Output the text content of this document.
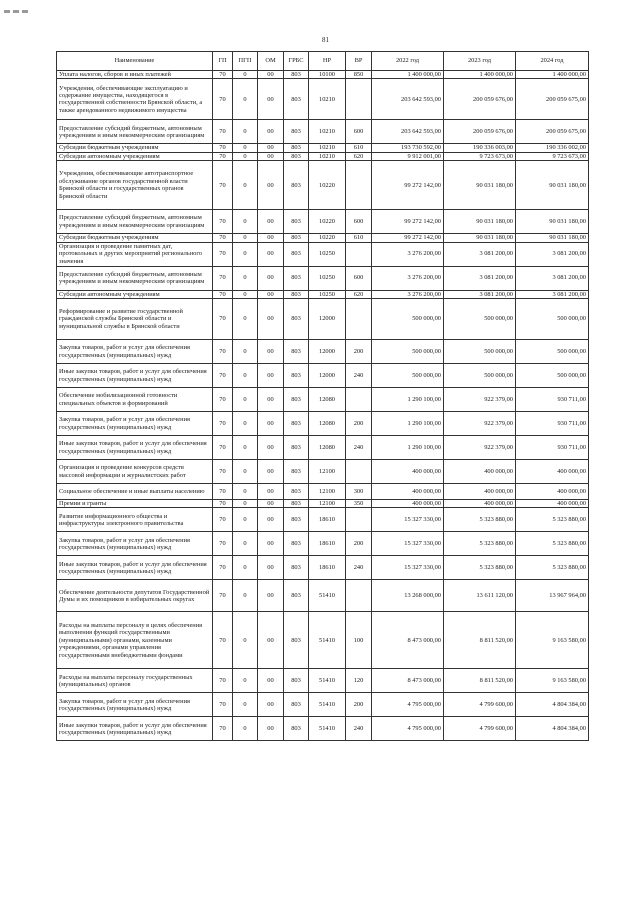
81
Наименование	ГП	ПГП	ОМ	ГРБС	НР	ВР	2022 год	2023 год	2024 год
Уплата налогов, сборов и иных платежей	70	0	00	803	10100	850	1 400 000,00	1 400 000,00	1 400 000,00
Учреждения, обеспечивающие эксплуатацию и содержание имущества, находящегося в государственной собственности Брянской области, а также арендованного недвижимого имущества	70	0	00	803	10210		203 642 593,00	200 059 676,00	200 059 675,00
Предоставление субсидий бюджетным, автономным учреждениям и иным некоммерческим организациям	70	0	00	803	10210	600	203 642 593,00	200 059 676,00	200 059 675,00
Субсидии бюджетным учреждениям	70	0	00	803	10210	610	193 730 592,00	190 336 003,00	190 336 002,00
Субсидии автономным учреждениям	70	0	00	803	10210	620	9 912 001,00	9 723 673,00	9 723 673,00
Учреждения, обеспечивающие автотранспортное обслуживание органов государственной власти Брянской области и государственных органов Брянской области	70	0	00	803	10220		99 272 142,00	90 031 180,00	90 031 180,00
Предоставление субсидий бюджетным, автономным учреждениям и иным некоммерческим организациям	70	0	00	803	10220	600	99 272 142,00	90 031 180,00	90 031 180,00
Субсидии бюджетным учреждениям	70	0	00	803	10220	610	99 272 142,00	90 031 180,00	90 031 180,00
Организация и проведение памятных дат, протокольных и других мероприятий регионального значения	70	0	00	803	10250		3 276 200,00	3 081 200,00	3 081 200,00
Предоставление субсидий бюджетным, автономным учреждениям и иным некоммерческим организациям	70	0	00	803	10250	600	3 276 200,00	3 081 200,00	3 081 200,00
Субсидии автономным учреждениям	70	0	00	803	10250	620	3 276 200,00	3 081 200,00	3 081 200,00
Реформирование и развитие государственной гражданской службы Брянской области и муниципальной службы в Брянской области	70	0	00	803	12000		500 000,00	500 000,00	500 000,00
Закупка товаров, работ и услуг для обеспечения государственных (муниципальных) нужд	70	0	00	803	12000	200	500 000,00	500 000,00	500 000,00
Иные закупки товаров, работ и услуг для обеспечения государственных (муниципальных) нужд	70	0	00	803	12000	240	500 000,00	500 000,00	500 000,00
Обеспечение мобилизационной готовности специальных объектов и формирований	70	0	00	803	12080		1 290 100,00	922 379,00	930 711,00
Закупка товаров, работ и услуг для обеспечения государственных (муниципальных) нужд	70	0	00	803	12080	200	1 290 100,00	922 379,00	930 711,00
Иные закупки товаров, работ и услуг для обеспечения государственных (муниципальных) нужд	70	0	00	803	12080	240	1 290 100,00	922 379,00	930 711,00
Организация и проведение конкурсов средств массовой информации и журналистских работ	70	0	00	803	12100		400 000,00	400 000,00	400 000,00
Социальное обеспечение и иные выплаты населению	70	0	00	803	12100	300	400 000,00	400 000,00	400 000,00
Премии и гранты	70	0	00	803	12100	350	400 000,00	400 000,00	400 000,00
Развитие информационного общества и инфраструктуры электронного правительства	70	0	00	803	18610		15 327 330,00	5 323 880,00	5 323 880,00
Закупка товаров, работ и услуг для обеспечения государственных (муниципальных) нужд	70	0	00	803	18610	200	15 327 330,00	5 323 880,00	5 323 880,00
Иные закупки товаров, работ и услуг для обеспечения государственных (муниципальных) нужд	70	0	00	803	18610	240	15 327 330,00	5 323 880,00	5 323 880,00
Обеспечение деятельности депутатов Государственной Думы и их помощников в избирательных округах	70	0	00	803	51410		13 268 000,00	13 611 120,00	13 967 964,00
Расходы на выплаты персоналу в целях обеспечения выполнения функций государственными (муниципальными) органами, казенными учреждениями, органами управления государственными внебюджетными фондами	70	0	00	803	51410	100	8 473 000,00	8 811 520,00	9 163 580,00
Расходы на выплаты персоналу государственных (муниципальных) органов	70	0	00	803	51410	120	8 473 000,00	8 811 520,00	9 163 580,00
Закупка товаров, работ и услуг для обеспечения государственных (муниципальных) нужд	70	0	00	803	51410	200	4 795 000,00	4 799 600,00	4 804 384,00
Иные закупки товаров, работ и услуг для обеспечения государственных (муниципальных) нужд	70	0	00	803	51410	240	4 795 000,00	4 799 600,00	4 804 384,00
